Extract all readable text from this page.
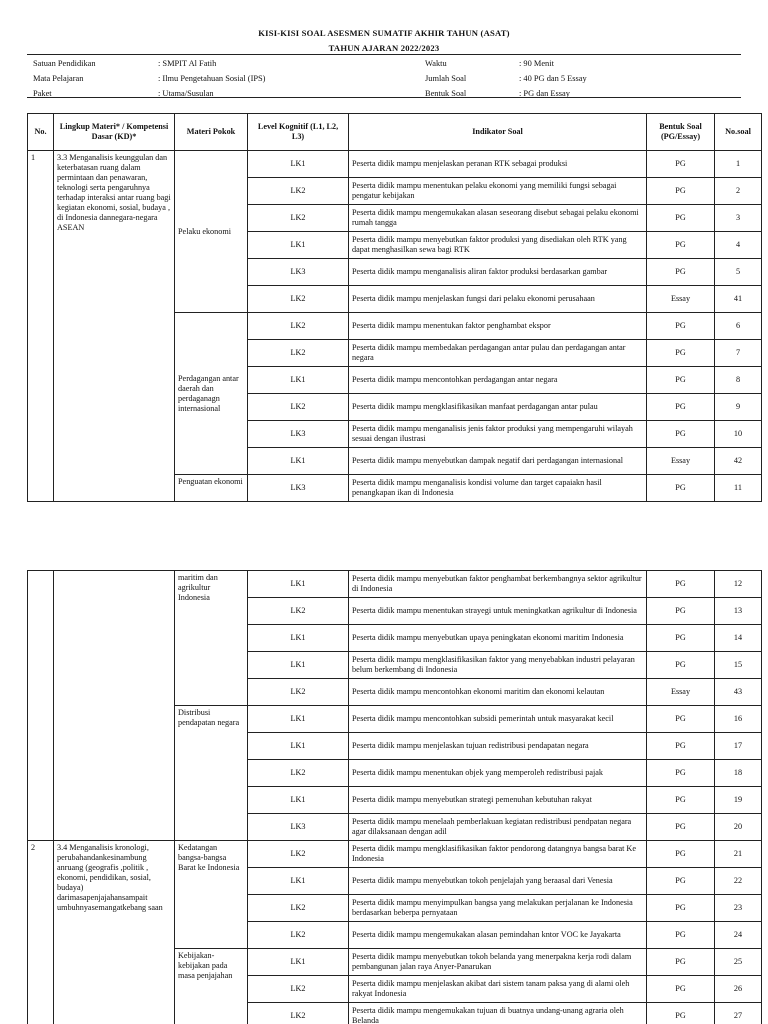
KISI-KISI SOAL ASESMEN SUMATIF AKHIR TAHUN (ASAT)
TAHUN AJARAN 2022/2023
Satuan Pendidikan	: SMPIT Al Fatih
Mata Pelajaran	: Ilmu Pengetahuan Sosial (IPS)
Paket	: Utama/Susulan
Waktu	: 90 Menit
Jumlah Soal	: 40 PG dan 5 Essay
Bentuk Soal	: PG dan Essay
No.	Lingkup Materi* / Kompetensi Dasar (KD)*	Materi Pokok	Level Kognitif (L1, L2, L3)	Indikator Soal	Bentuk Soal (PG/Essay)	No.soal
1	3.3 Menganalisis keunggulan dan keterbatasan ruang dalam permintaan dan penawaran, teknologi serta pengaruhnya terhadap interaksi antar ruang bagi kegiatan ekonomi, sosial, budaya , di Indonesia dannegara-negara ASEAN	Pelaku ekonomi	LK1	Peserta didik mampu menjelaskan peranan RTK sebagai produksi	PG	1
			LK2	Peserta didik mampu menentukan pelaku ekonomi yang memiliki fungsi sebagai pengatur kebijakan	PG	2
			LK2	Peserta didik mampu mengemukakan alasan seseorang disebut sebagai pelaku ekonomi rumah tangga	PG	3
			LK1	Peserta didik mampu menyebutkan faktor produksi yang disediakan oleh RTK yang dapat menghasilkan sewa bagi RTK	PG	4
			LK3	Peserta didik mampu menganalisis aliran faktor produksi berdasarkan gambar	PG	5
			LK2	Peserta didik mampu menjelaskan fungsi dari pelaku ekonomi perusahaan	Essay	41
		Perdagangan antar daerah dan perdaganagn internasional	LK2	Peserta didik mampu menentukan faktor penghambat ekspor	PG	6
			LK2	Peserta didik mampu membedakan perdagangan antar pulau dan perdagangan antar negara	PG	7
			LK1	Peserta didik mampu mencontohkan perdagangan antar negara	PG	8
			LK2	Peserta didik mampu mengklasifikasikan manfaat perdagangan antar pulau	PG	9
			LK3	Peserta didik mampu menganalisis jenis faktor produksi yang mempengaruhi wilayah sesuai dengan ilustrasi	PG	10
			LK1	Peserta didik mampu menyebutkan dampak negatif dari perdagangan internasional	Essay	42
		Penguatan ekonomi	LK3	Peserta didik mampu menganalisis kondisi volume dan target capaiakn hasil penangkapan ikan di Indonesia	PG	11
		maritim dan agrikultur Indonesia	LK1	Peserta didik mampu menyebutkan faktor penghambat berkembangnya sektor agrikultur di Indonesia	PG	12
			LK2	Peserta didik mampu menentukan strayegi untuk meningkatkan agrikultur di Indonesia	PG	13
			LK1	Peserta didik mampu menyebutkan upaya peningkatan ekonomi maritim Indonesia	PG	14
			LK1	Peserta didik mampu mengklasifikasikan faktor yang menyebabkan industri pelayaran belum berkembang di Indonesia	PG	15
			LK2	Peserta didik mampu mencontohkan ekonomi maritim dan ekonomi kelautan	Essay	43
		Distribusi pendapatan negara	LK1	Peserta didik mampu mencontohkan subsidi pemerintah untuk masyarakat kecil	PG	16
			LK1	Peserta didik mampu menjelaskan tujuan redistribusi pendapatan negara	PG	17
			LK2	Peserta didik mampu menentukan objek yang memperoleh redistribusi pajak	PG	18
			LK1	Peserta didik mampu menyebutkan strategi pemenuhan kebutuhan rakyat	PG	19
			LK3	Peserta didik mampu menelaah pemberlakuan kegiatan redistribusi pendpatan negara agar dilaksanaan dengan adil	PG	20
2	3.4 Menganalisis kronologi, perubahandankesinambung anruang (geografis ,politik , ekonomi, pendidikan, sosial, budaya) darimasapenjajahansampait umbuhnyasemangatkebang saan	Kedatangan bangsa-bangsa Barat ke Indonesia	LK2	Peserta didik mampu mengklasifikasikan faktor pendorong datangnya bangsa barat Ke Indonesia	PG	21
			LK1	Peserta didik mampu menyebutkan tokoh penjelajah yang beraasal dari Venesia	PG	22
			LK2	Peserta didik mampu menyimpulkan bangsa yang melakukan perjalanan ke Indonesia berdasarkan beberpa pernyataan	PG	23
			LK2	Peserta didik mampu mengemukakan alasan pemindahan kntor VOC ke Jayakarta	PG	24
		Kebijakan-kebijakan pada masa penjajahan	LK1	Peserta didik mampu menyebutkan tokoh belanda yang menerpakna kerja rodi dalam pembangunan jalan raya Anyer-Panarukan	PG	25
			LK2	Peserta didik mampu menjelaskan akibat dari sistem tanam paksa yang di alami oleh rakyat Indonesia	PG	26
			LK2	Peserta didik mampu mengemukakan tujuan di buatnya undang-unang agraria oleh Belanda	PG	27
